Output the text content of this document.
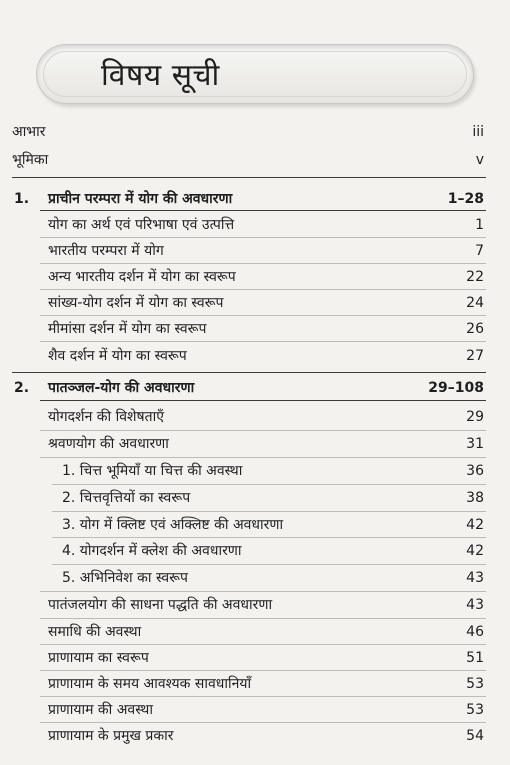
विषय सूची
आभार	iii
भूमिका	v
1. प्राचीन परम्परा में योग की अवधारणा	1–28
योग का अर्थ एवं परिभाषा एवं उत्पत्ति	1
भारतीय परम्परा में योग	7
अन्य भारतीय दर्शन में योग का स्वरूप	22
सांख्य-योग दर्शन में योग का स्वरूप	24
मीमांसा दर्शन में योग का स्वरूप	26
शैव दर्शन में योग का स्वरूप	27
2. पातञ्जल-योग की अवधारणा	29–108
योगदर्शन की विशेषताएँ	29
श्रवणयोग की अवधारणा	31
1. चित्त भूमियाँ या चित्त की अवस्था	36
2. चित्तवृत्तियों का स्वरूप	38
3. योग में क्लिष्ट एवं अक्लिष्ट की अवधारणा	42
4. योगदर्शन में क्लेश की अवधारणा	42
5. अभिनिवेश का स्वरूप	43
पातंजलयोग की साधना पद्धति की अवधारणा	43
समाधि की अवस्था	46
प्राणायाम का स्वरूप	51
प्राणायाम के समय आवश्यक सावधानियाँ	53
प्राणायाम की अवस्था	53
प्राणायाम के प्रमुख प्रकार	54
